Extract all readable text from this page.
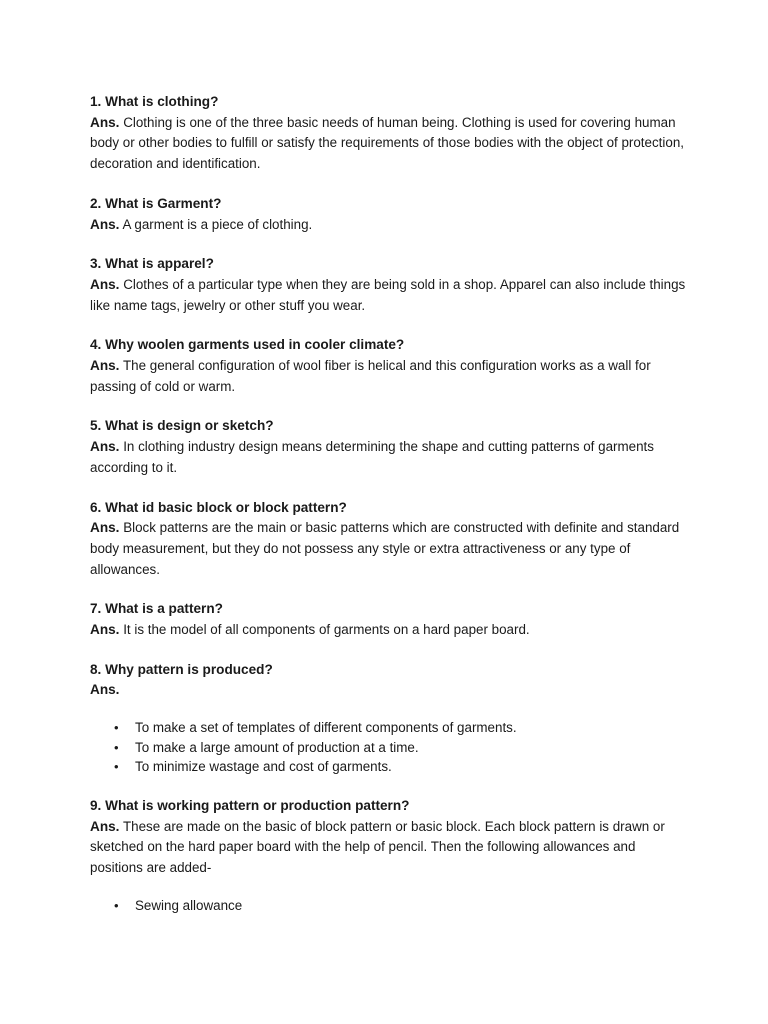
1. What is clothing?

Ans. Clothing is one of the three basic needs of human being. Clothing is used for covering human body or other bodies to fulfill or satisfy the requirements of those bodies with the object of protection, decoration and identification.

2. What is Garment?

Ans. A garment is a piece of clothing.

3. What is apparel?

Ans. Clothes of a particular type when they are being sold in a shop. Apparel can also include things like name tags, jewelry or other stuff you wear.

4. Why woolen garments used in cooler climate?

Ans. The general configuration of wool fiber is helical and this configuration works as a wall for passing of cold or warm.

5. What is design or sketch?

Ans. In clothing industry design means determining the shape and cutting patterns of garments according to it.

6. What id basic block or block pattern?

Ans. Block patterns are the main or basic patterns which are constructed with definite and standard body measurement, but they do not possess any style or extra attractiveness or any type of allowances.

7. What is a pattern?

Ans. It is the model of all components of garments on a hard paper board.

8. Why pattern is produced?

Ans.

• To make a set of templates of different components of garments.
• To make a large amount of production at a time.
• To minimize wastage and cost of garments.
9. What is working pattern or production pattern?

Ans. These are made on the basic of block pattern or basic block. Each block pattern is drawn or sketched on the hard paper board with the help of pencil. Then the following allowances and positions are added-

• Sewing allowance
